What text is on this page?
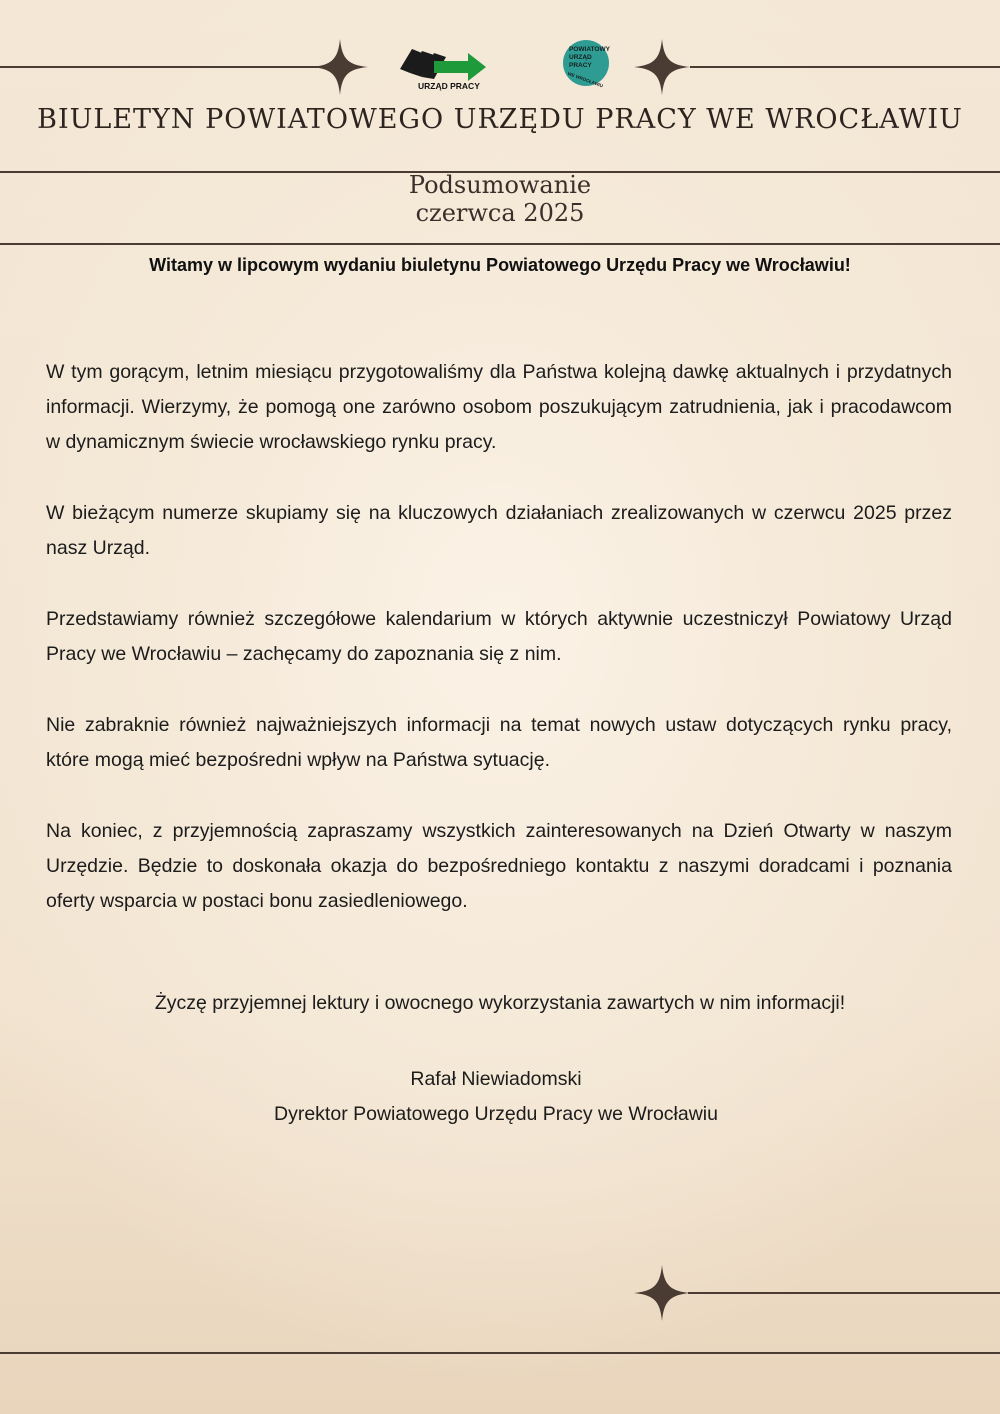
URZĄD PRACY
POWIATOWY
URZĄD
PRACY
WE WROCŁAWIU
BIULETYN POWIATOWEGO URZĘDU PRACY WE WROCŁAWIU
Podsumowanie
czerwca 2025
Witamy w lipcowym wydaniu biuletynu Powiatowego Urzędu Pracy we Wrocławiu!

W tym gorącym, letnim miesiącu przygotowaliśmy dla Państwa kolejną dawkę aktualnych i przydatnych informacji. Wierzymy, że pomogą one zarówno osobom poszukującym zatrudnienia, jak i pracodawcom w dynamicznym świecie wrocławskiego rynku pracy.

W bieżącym numerze skupiamy się na kluczowych działaniach zrealizowanych w czerwcu 2025 przez nasz Urząd.

Przedstawiamy również szczegółowe kalendarium w których aktywnie uczestniczył Powiatowy Urząd Pracy we Wrocławiu – zachęcamy do zapoznania się z nim.

Nie zabraknie również najważniejszych informacji na temat nowych ustaw dotyczących rynku pracy, które mogą mieć bezpośredni wpływ na Państwa sytuację.

Na koniec, z przyjemnością zapraszamy wszystkich zainteresowanych na Dzień Otwarty w naszym Urzędzie. Będzie to doskonała okazja do bezpośredniego kontaktu z naszymi doradcami i poznania oferty wsparcia w postaci bonu zasiedleniowego.

Życzę przyjemnej lektury i owocnego wykorzystania zawartych w nim informacji!
Rafał Niewiadomski
Dyrektor Powiatowego Urzędu Pracy we Wrocławiu
